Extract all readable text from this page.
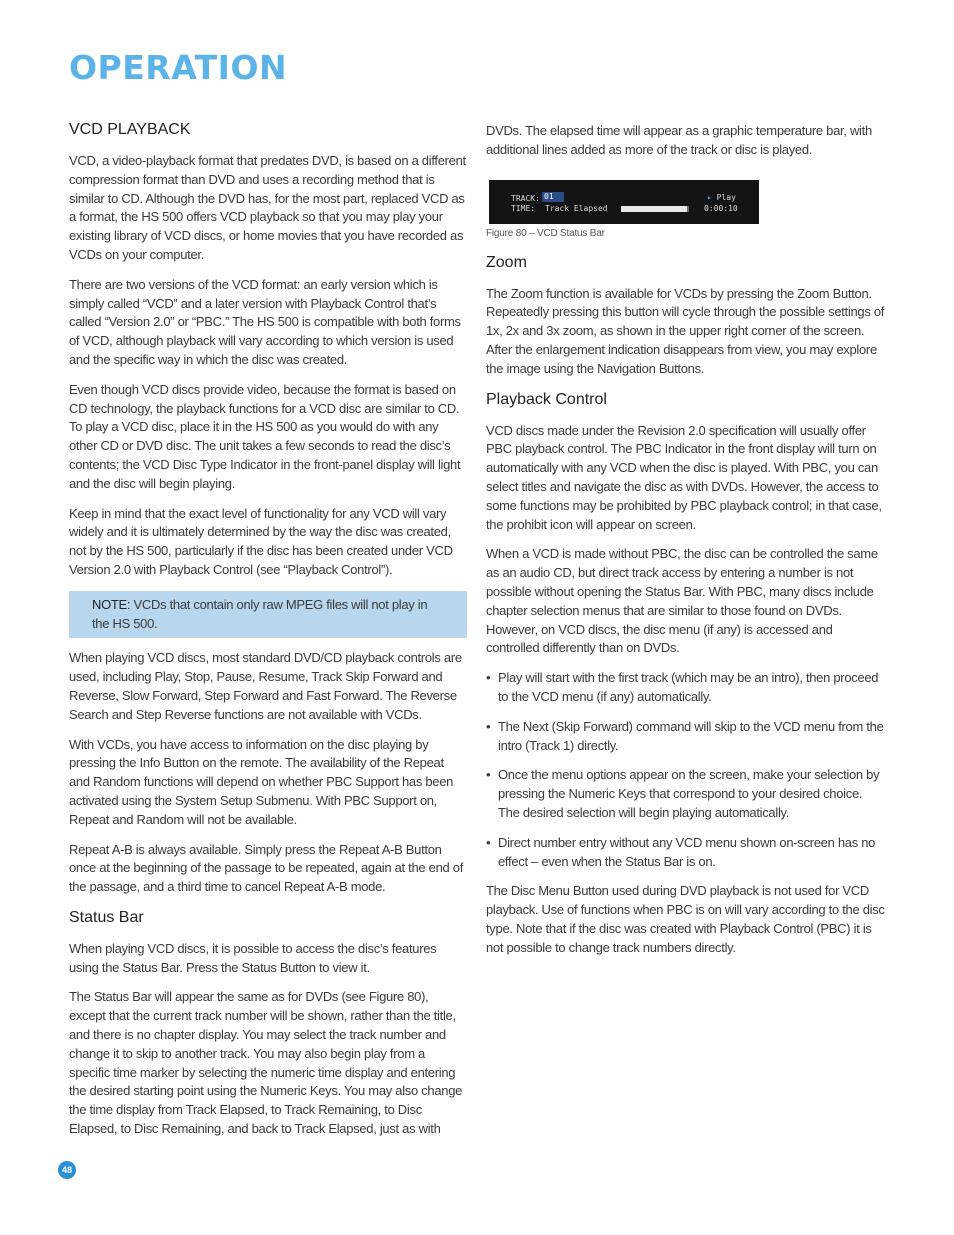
OPERATION
VCD PLAYBACK

VCD, a video-playback format that predates DVD, is based on a different compression format than DVD and uses a recording method that is similar to CD. Although the DVD has, for the most part, replaced VCD as a format, the HS 500 offers VCD playback so that you may play your existing library of VCD discs, or home movies that you have recorded as VCDs on your computer.

There are two versions of the VCD format: an early version which is simply called “VCD” and a later version with Playback Control that’s called “Version 2.0” or “PBC.” The HS 500 is compatible with both forms of VCD, although playback will vary according to which version is used and the specific way in which the disc was created.

Even though VCD discs provide video, because the format is based on CD technology, the playback functions for a VCD disc are similar to CD. To play a VCD disc, place it in the HS 500 as you would do with any other CD or DVD disc. The unit takes a few seconds to read the disc’s contents; the VCD Disc Type Indicator in the front-panel display will light and the disc will begin playing.

Keep in mind that the exact level of functionality for any VCD will vary widely and it is ultimately determined by the way the disc was created, not by the HS 500, particularly if the disc has been created under VCD Version 2.0 with Playback Control (see “Playback Control”).

NOTE: VCDs that contain only raw MPEG files will not play in the HS 500.

When playing VCD discs, most standard DVD/CD playback controls are used, including Play, Stop, Pause, Resume, Track Skip Forward and Reverse, Slow Forward, Step Forward and Fast Forward. The Reverse Search and Step Reverse functions are not available with VCDs.

With VCDs, you have access to information on the disc playing by pressing the Info Button on the remote. The availability of the Repeat and Random functions will depend on whether PBC Support has been activated using the System Setup Submenu. With PBC Support on, Repeat and Random will not be available.

Repeat A-B is always available. Simply press the Repeat A-B Button once at the beginning of the passage to be repeated, again at the end of the passage, and a third time to cancel Repeat A-B mode.

Status Bar

When playing VCD discs, it is possible to access the disc’s features using the Status Bar. Press the Status Button to view it.

The Status Bar will appear the same as for DVDs (see Figure 80), except that the current track number will be shown, rather than the title, and there is no chapter display. You may select the track number and change it to skip to another track. You may also begin play from a specific time marker by selecting the numeric time display and entering the desired starting point using the Numeric Keys. You may also change the time display from Track Elapsed, to Track Remaining, to Disc Elapsed, to Disc Remaining, and back to Track Elapsed, just as with

DVDs. The elapsed time will appear as a graphic temperature bar, with additional lines added as more of the track or disc is played.

TRACK: 01
TIME: Track Elapsed
▸ Play
0:00:10
Figure 80 – VCD Status Bar
Zoom

The Zoom function is available for VCDs by pressing the Zoom Button. Repeatedly pressing this button will cycle through the possible settings of 1x, 2x and 3x zoom, as shown in the upper right corner of the screen. After the enlargement indication disappears from view, you may explore the image using the Navigation Buttons.

Playback Control

VCD discs made under the Revision 2.0 specification will usually offer PBC playback control. The PBC Indicator in the front display will turn on automatically with any VCD when the disc is played. With PBC, you can select titles and navigate the disc as with DVDs. However, the access to some functions may be prohibited by PBC playback control; in that case, the prohibit icon will appear on screen.

When a VCD is made without PBC, the disc can be controlled the same as an audio CD, but direct track access by entering a number is not possible without opening the Status Bar. With PBC, many discs include chapter selection menus that are similar to those found on DVDs. However, on VCD discs, the disc menu (if any) is accessed and controlled differently than on DVDs.

• Play will start with the first track (which may be an intro), then proceed to the VCD menu (if any) automatically.
• The Next (Skip Forward) command will skip to the VCD menu from the intro (Track 1) directly.
• Once the menu options appear on the screen, make your selection by pressing the Numeric Keys that correspond to your desired choice. The desired selection will begin playing automatically.
• Direct number entry without any VCD menu shown on-screen has no effect – even when the Status Bar is on.

The Disc Menu Button used during DVD playback is not used for VCD playback. Use of functions when PBC is on will vary according to the disc type. Note that if the disc was created with Playback Control (PBC) it is not possible to change track numbers directly.

48
